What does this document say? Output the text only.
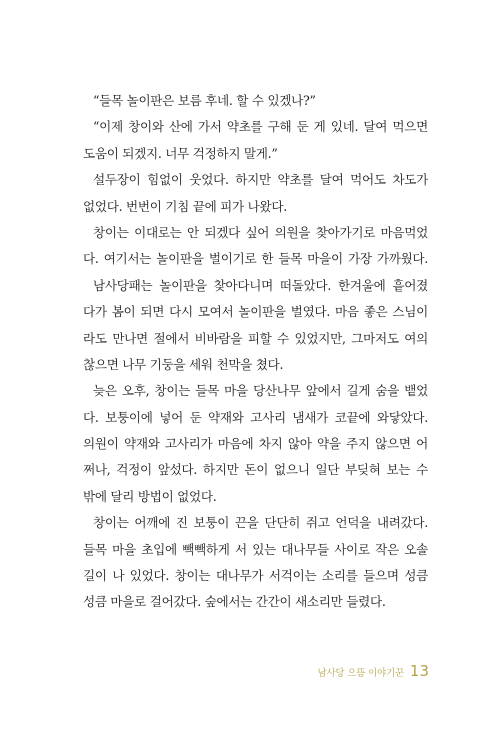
“들목 놀이판은 보름 후네. 할 수 있겠나?”
“이제 창이와 산에 가서 약초를 구해 둔 게 있네. 달여 먹으면
도움이 되겠지. 너무 걱정하지 말게.”
설두장이 힘없이 웃었다. 하지만 약초를 달여 먹어도 차도가
없었다. 번번이 기침 끝에 피가 나왔다.
창이는 이대로는 안 되겠다 싶어 의원을 찾아가기로 마음먹었
다. 여기서는 놀이판을 벌이기로 한 들목 마을이 가장 가까웠다.
남사당패는 놀이판을 찾아다니며 떠돌았다. 한겨울에 흩어졌
다가 봄이 되면 다시 모여서 놀이판을 벌였다. 마음 좋은 스님이
라도 만나면 절에서 비바람을 피할 수 있었지만, 그마저도 여의
찮으면 나무 기둥을 세워 천막을 쳤다.
늦은 오후, 창이는 들목 마을 당산나무 앞에서 길게 숨을 뱉었
다. 보퉁이에 넣어 둔 약재와 고사리 냄새가 코끝에 와닿았다.
의원이 약재와 고사리가 마음에 차지 않아 약을 주지 않으면 어
쩌나, 걱정이 앞섰다. 하지만 돈이 없으니 일단 부딪혀 보는 수
밖에 달리 방법이 없었다.
창이는 어깨에 진 보퉁이 끈을 단단히 쥐고 언덕을 내려갔다.
들목 마을 초입에 빽빽하게 서 있는 대나무들 사이로 작은 오솔
길이 나 있었다. 창이는 대나무가 서걱이는 소리를 들으며 성큼
성큼 마을로 걸어갔다. 숲에서는 간간이 새소리만 들렸다.
남사당 으뜸 이야기꾼 13
